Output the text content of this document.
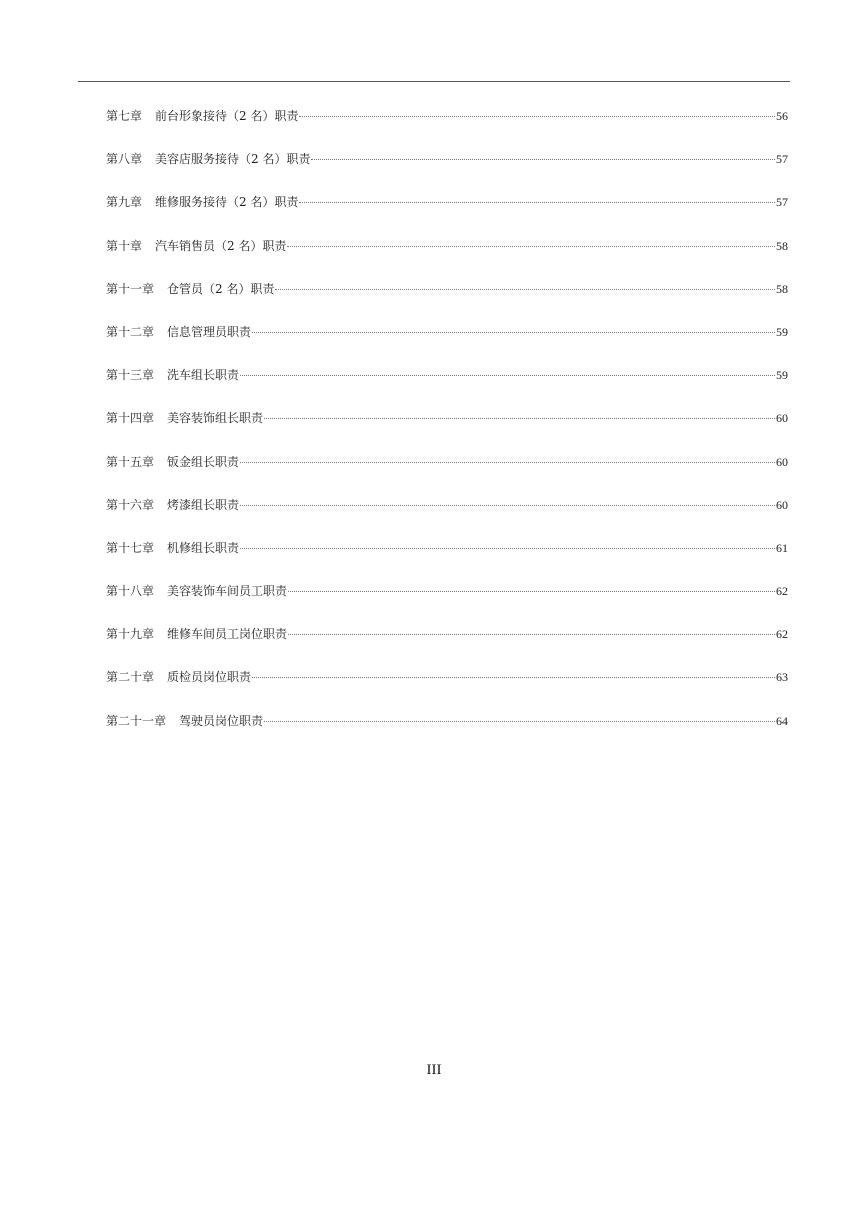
第七章 前台形象接待（2 名）职责	56
第八章 美容店服务接待（2 名）职责	57
第九章 维修服务接待（2 名）职责	57
第十章 汽车销售员（2 名）职责	58
第十一章 仓管员（2 名）职责	58
第十二章 信息管理员职责	59
第十三章 洗车组长职责	59
第十四章 美容装饰组长职责	60
第十五章 钣金组长职责	60
第十六章 烤漆组长职责	60
第十七章 机修组长职责	61
第十八章 美容装饰车间员工职责	62
第十九章 维修车间员工岗位职责	62
第二十章 质检员岗位职责	63
第二十一章 驾驶员岗位职责	64
III
